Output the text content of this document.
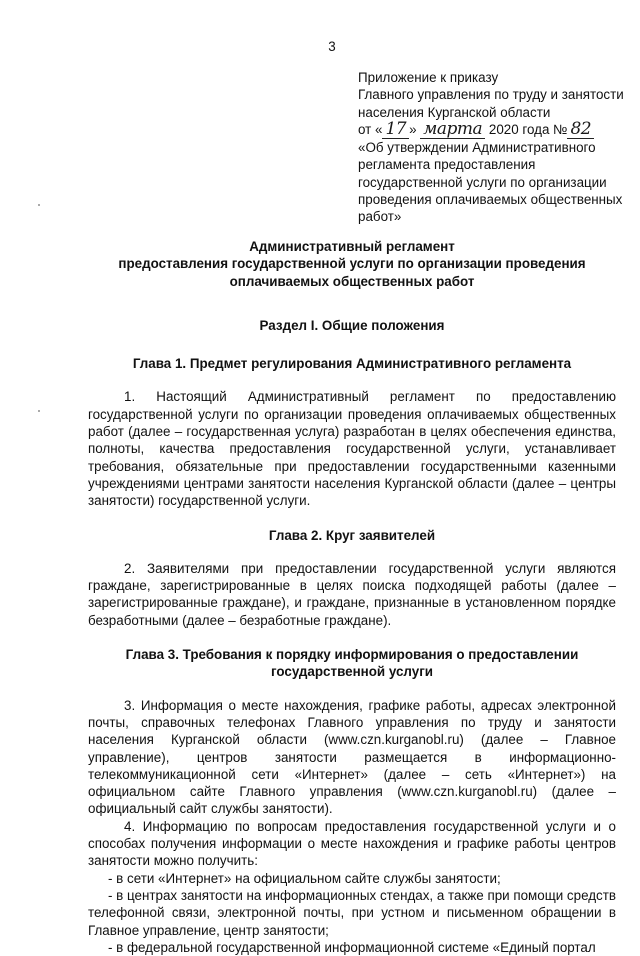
3
Приложение к приказу
Главного управления по труду и занятости
населения Курганской области
от « 17 » марта 2020 года № 82
«Об утверждении Административного
регламента предоставления
государственной услуги по организации
проведения оплачиваемых общественных
работ»
Административный регламент
предоставления государственной услуги по организации проведения
оплачиваемых общественных работ
Раздел I. Общие положения
Глава 1. Предмет регулирования Административного регламента

1. Настоящий Административный регламент по предоставлению государственной услуги по организации проведения оплачиваемых общественных работ (далее – государственная услуга) разработан в целях обеспечения единства, полноты, качества предоставления государственной услуги, устанавливает требования, обязательные при предоставлении государственными казенными учреждениями центрами занятости населения Курганской области (далее – центры занятости) государственной услуги.

Глава 2. Круг заявителей

2. Заявителями при предоставлении государственной услуги являются граждане, зарегистрированные в целях поиска подходящей работы (далее – зарегистрированные граждане), и граждане, признанные в установленном порядке безработными (далее – безработные граждане).

Глава 3. Требования к порядку информирования о предоставлении
государственной услуги

3. Информация о месте нахождения, графике работы, адресах электронной почты, справочных телефонах Главного управления по труду и занятости населения Курганской области (www.czn.kurganobl.ru) (далее – Главное управление), центров занятости размещается в информационно-телекоммуникационной сети «Интернет» (далее – сеть «Интернет») на официальном сайте Главного управления (www.czn.kurganobl.ru) (далее – официальный сайт службы занятости).

4. Информацию по вопросам предоставления государственной услуги и о способах получения информации о месте нахождения и графике работы центров занятости можно получить:

- в сети «Интернет» на официальном сайте службы занятости;

- в центрах занятости на информационных стендах, а также при помощи средств телефонной связи, электронной почты, при устном и письменном обращении в Главное управление, центр занятости;

- в федеральной государственной информационной системе «Единый портал
